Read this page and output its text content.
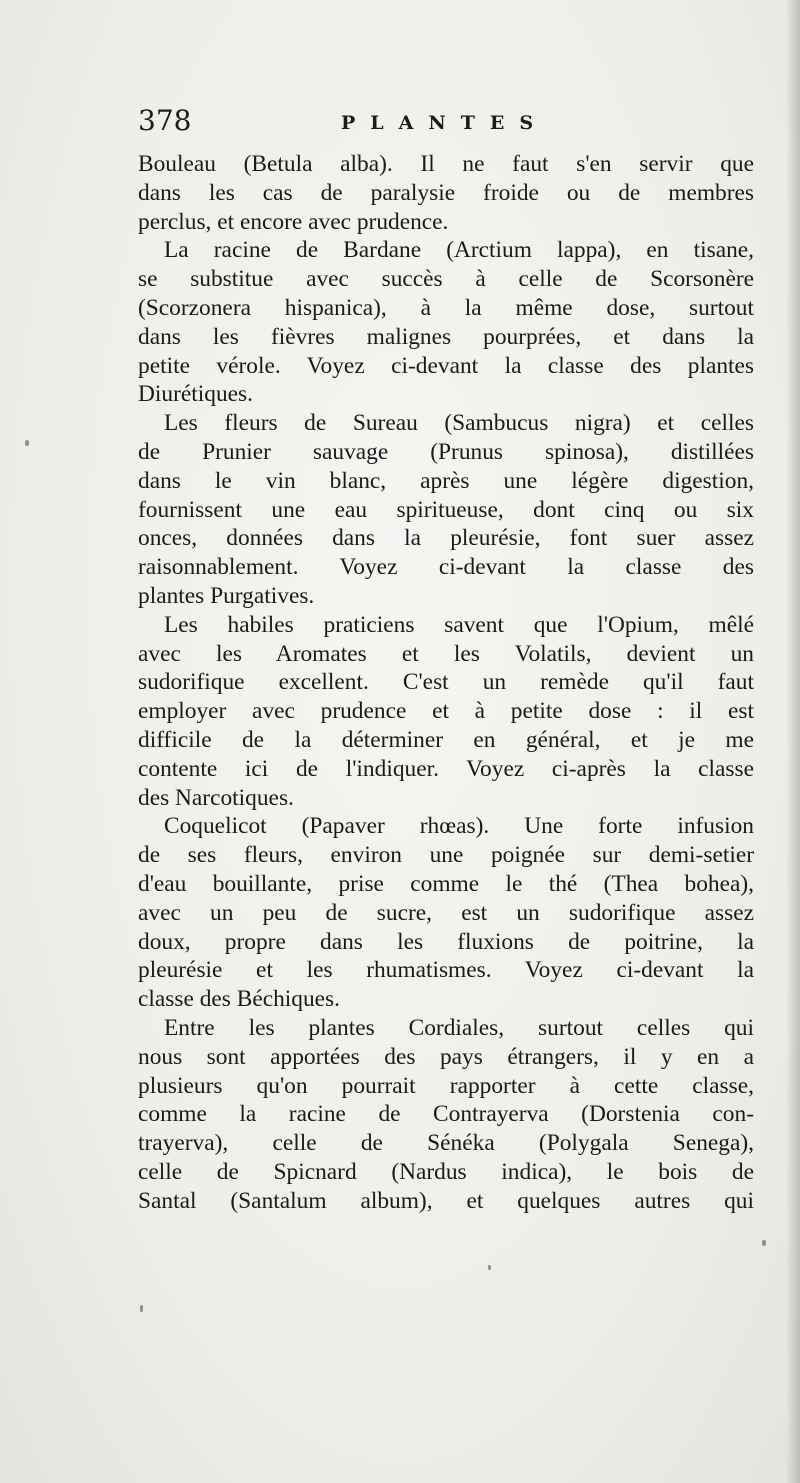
378	PLANTES
Bouleau (Betula alba). Il ne faut s'en servir que
dans les cas de paralysie froide ou de membres
perclus, et encore avec prudence.
La racine de Bardane (Arctium lappa), en tisane,
se substitue avec succès à celle de Scorsonère
(Scorzonera hispanica), à la même dose, surtout
dans les fièvres malignes pourprées, et dans la
petite vérole. Voyez ci-devant la classe des plantes
Diurétiques.
Les fleurs de Sureau (Sambucus nigra) et celles
de Prunier sauvage (Prunus spinosa), distillées
dans le vin blanc, après une légère digestion,
fournissent une eau spiritueuse, dont cinq ou six
onces, données dans la pleurésie, font suer assez
raisonnablement. Voyez ci-devant la classe des
plantes Purgatives.
Les habiles praticiens savent que l'Opium, mêlé
avec les Aromates et les Volatils, devient un
sudorifique excellent. C'est un remède qu'il faut
employer avec prudence et à petite dose : il est
difficile de la déterminer en général, et je me
contente ici de l'indiquer. Voyez ci-après la classe
des Narcotiques.
Coquelicot (Papaver rhœas). Une forte infusion
de ses fleurs, environ une poignée sur demi-setier
d'eau bouillante, prise comme le thé (Thea bohea),
avec un peu de sucre, est un sudorifique assez
doux, propre dans les fluxions de poitrine, la
pleurésie et les rhumatismes. Voyez ci-devant la
classe des Béchiques.
Entre les plantes Cordiales, surtout celles qui
nous sont apportées des pays étrangers, il y en a
plusieurs qu'on pourrait rapporter à cette classe,
comme la racine de Contrayerva (Dorstenia con-
trayerva), celle de Sénéka (Polygala Senega),
celle de Spicnard (Nardus indica), le bois de
Santal (Santalum album), et quelques autres qui
